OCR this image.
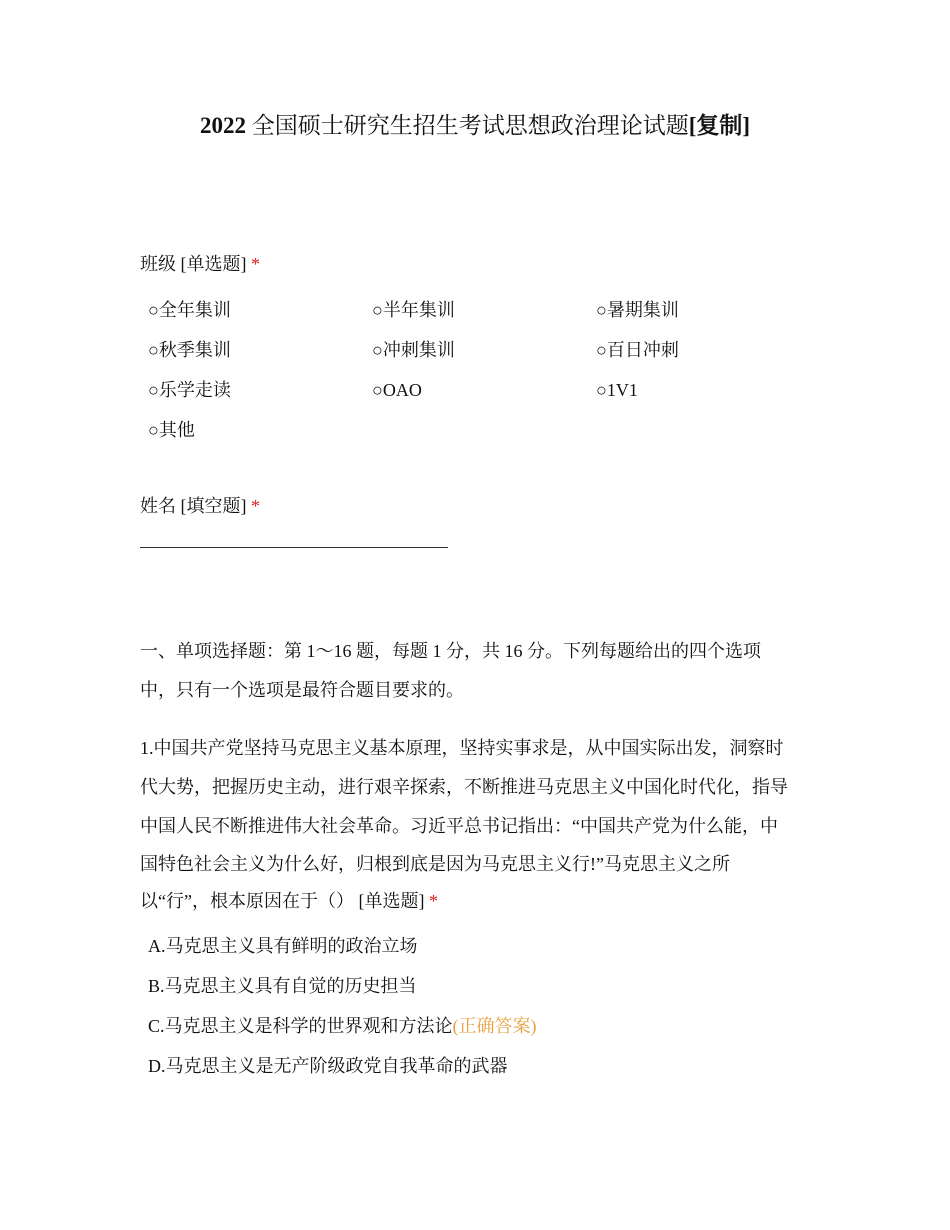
2022 全国硕士研究生招生考试思想政治理论试题[复制]
班级 [单选题] *
○全年集训	○半年集训	○暑期集训
○秋季集训	○冲刺集训	○百日冲刺
○乐学走读	○OAO	○1V1
○其他
姓名 [填空题] *
一、单项选择题：第 1～16 题，每题 1 分，共 16 分。下列每题给出的四个选项
中，只有一个选项是最符合题目要求的。
1.中国共产党坚持马克思主义基本原理，坚持实事求是，从中国实际出发，洞察时
代大势，把握历史主动，进行艰辛探索，不断推进马克思主义中国化时代化，指导
中国人民不断推进伟大社会革命。习近平总书记指出：“中国共产党为什么能，中
国特色社会主义为什么好，归根到底是因为马克思主义行!”马克思主义之所
以“行”，根本原因在于（） [单选题] *
A.马克思主义具有鲜明的政治立场
B.马克思主义具有自觉的历史担当
C.马克思主义是科学的世界观和方法论(正确答案)
D.马克思主义是无产阶级政党自我革命的武器
